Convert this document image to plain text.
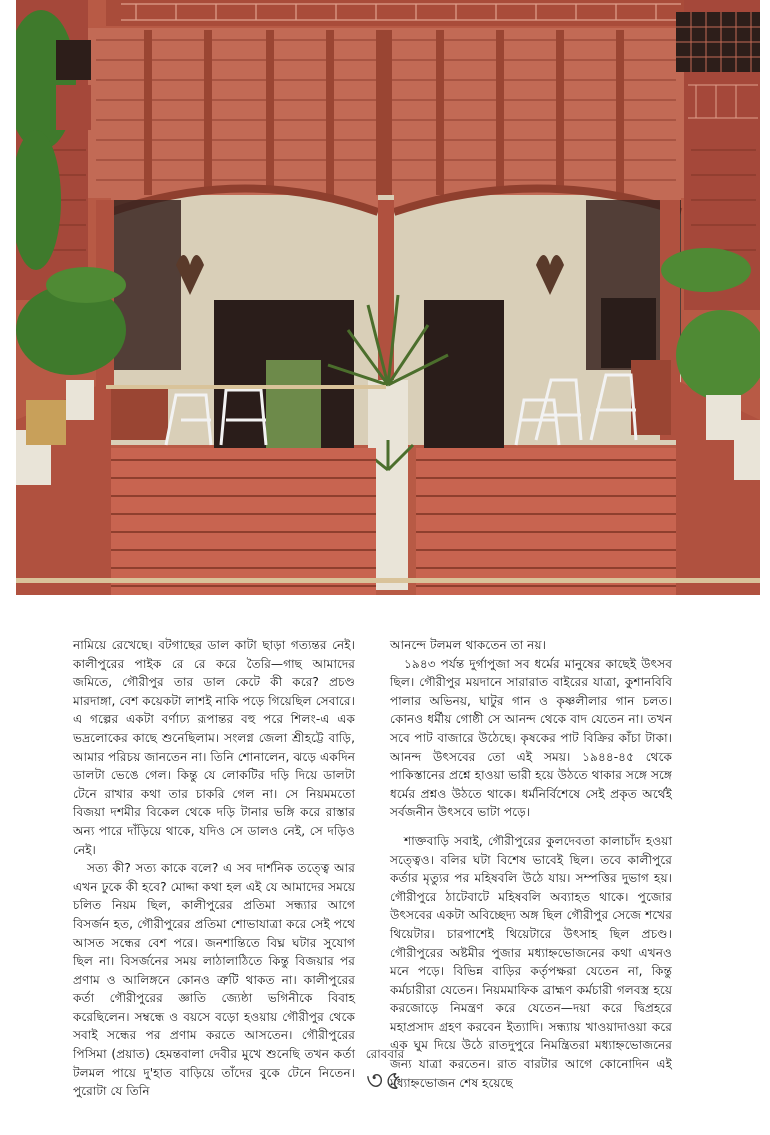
নামিয়ে রেখেছে। বটগাছের ডাল কাটা ছাড়া গত্যন্তর নেই। কালীপুরের পাইক রে রে করে তৈরি—গাছ আমাদের জমিতে, গৌরীপুর তার ডাল কেটে কী করে? প্রচণ্ড মারদাঙ্গা, বেশ কয়েকটা লাশই নাকি পড়ে গিয়েছিল সেবারে। এ গল্পের একটা বর্ণাঢ্য রূপান্তর বহু পরে শিলং-এ এক ভদ্রলোকের কাছে শুনেছিলাম। সংলগ্ন জেলা শ্রীহট্টে বাড়ি, আমার পরিচয় জানতেন না। তিনি শোনালেন, ঝড়ে একদিন ডালটা ভেঙে গেল। কিন্তু যে লোকটির দড়ি দিয়ে ডালটা টেনে রাখার কথা তার চাকরি গেল না। সে নিয়মমতো বিজয়া দশমীর বিকেল থেকে দড়ি টানার ভঙ্গি করে রাস্তার অন্য পারে দাঁড়িয়ে থাকে, যদিও সে ডালও নেই, সে দড়িও নেই।

সত্য কী? সত্য কাকে বলে? এ সব দার্শনিক তত্ত্বে আর এখন ঢুকে কী হবে? মোদ্দা কথা হল এই যে আমাদের সময়ে চলিত নিয়ম ছিল, কালীপুরের প্রতিমা সন্ধ্যার আগে বিসর্জন হত, গৌরীপুরের প্রতিমা শোভাযাত্রা করে সেই পথে আসত সন্ধের বেশ পরে। জনশান্তিতে বিঘ্ন ঘটার সুযোগ ছিল না। বিসর্জনের সময় লাঠালাঠিতে কিন্তু বিজয়ার পর প্রণাম ও আলিঙ্গনে কোনও ত্রুটি থাকত না। কালীপুরের কর্তা গৌরীপুরের জ্ঞাতি জ্যেষ্ঠা ভগিনীকে বিবাহ করেছিলেন। সম্বন্ধে ও বয়সে বড়ো হওয়ায় গৌরীপুর থেকে সবাই সন্ধের পর প্রণাম করতে আসতেন। গৌরীপুরের পিসিমা (প্রয়াত) হেমন্তবালা দেবীর মুখে শুনেছি তখন কর্তা টলমল পায়ে দু'হাত বাড়িয়ে তাঁদের বুকে টেনে নিতেন। পুরোটা যে তিনি

আনন্দে টলমল থাকতেন তা নয়।

১৯৪৩ পর্যন্ত দুর্গাপুজা সব ধর্মের মানুষের কাছেই উৎসব ছিল। গৌরীপুর ময়দানে সারারাত বাইরের যাত্রা, কুশানবিবি পালার অভিনয়, ঘাটুর গান ও কৃষ্ণলীলার গান চলত। কোনও ধর্মীয় গোষ্ঠী সে আনন্দ থেকে বাদ যেতেন না। তখন সবে পাট বাজারে উঠেছে। কৃষকের পাট বিক্রির কাঁচা টাকা। আনন্দ উৎসবের তো এই সময়। ১৯৪৪-৪৫ থেকে পাকিস্তানের প্রশ্নে হাওয়া ভারী হয়ে উঠতে থাকার সঙ্গে সঙ্গে ধর্মের প্রশ্নও উঠতে থাকে। ধর্মনির্বিশেষে সেই প্রকৃত অর্থেই সর্বজনীন উৎসবে ভাটা পড়ে।

শাক্তবাড়ি সবাই, গৌরীপুরের কুলদেবতা কালাচাঁদ হওয়া সত্ত্বেও। বলির ঘটা বিশেষ ভাবেই ছিল। তবে কালীপুরে কর্তার মৃত্যুর পর মহিষবলি উঠে যায়। সম্পত্তির দুভাগ হয়। গৌরীপুরে ঠাটেবাটে মহিষবলি অব্যাহত থাকে। পুজোর উৎসবের একটা অবিচ্ছেদ্য অঙ্গ ছিল গৌরীপুর সেজে শখের থিয়েটার। চারপাশেই থিয়েটারে উৎসাহ ছিল প্রচণ্ড। গৌরীপুরের অষ্টমীর পুজার মধ্যাহ্নভোজনের কথা এখনও মনে পড়ে। বিভিন্ন বাড়ির কর্তৃপক্ষরা যেতেন না, কিন্তু কর্মচারীরা যেতেন। নিয়মমাফিক ব্রাহ্মণ কর্মচারী গলবস্ত্র হয়ে করজোড়ে নিমন্ত্রণ করে যেতেন—দয়া করে দ্বিপ্রহরে মহাপ্রসাদ গ্রহণ করবেন ইত্যাদি। সন্ধ্যায় খাওয়াদাওয়া করে এক ঘুম দিয়ে উঠে রাতদুপুরে নিমন্ত্রিতরা মধ্যাহ্নভোজনের জন্য যাত্রা করতেন। রাত বারটার আগে কোনোদিন এই মধ্যাহ্নভোজন শেষ হয়েছে

রোববার
৩৫
